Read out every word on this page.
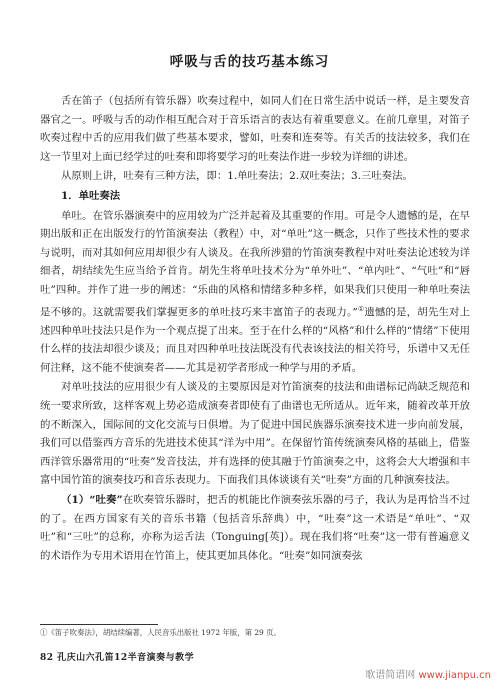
呼吸与舌的技巧基本练习

舌在笛子（包括所有管乐器）吹奏过程中，如同人们在日常生活中说话一样，是主要发音器官之一。呼吸与舌的动作相互配合对于音乐语言的表达有着重要意义。在前几章里，对笛子吹奏过程中舌的应用我们做了些基本要求，譬如，吐奏和连奏等。有关舌的技法较多，我们在这一节里对上面已经学过的吐奏和即将要学习的吐奏法作进一步较为详细的讲述。

从原则上讲，吐奏有三种方法，即：1.单吐奏法；2.双吐奏法；3.三吐奏法。

1．单吐奏法

单吐。在管乐器演奏中的应用较为广泛并起着及其重要的作用。可是令人遗憾的是，在早期出版和正在出版发行的竹笛演奏法（教程）中，对“单吐”这一概念，只作了些技术性的要求与说明，而对其如何应用却很少有人谈及。在我所涉猎的竹笛演奏教程中对吐奏法论述较为详细者，胡结续先生应当给予首肯。胡先生将单吐技术分为“单外吐”、“单内吐”、“气吐”和“唇吐”四种。并作了进一步的阐述：“乐曲的风格和情绪多种多样，如果我们只使用一种单吐奏法是不够的。这就需要我们掌握更多的单吐技巧来丰富笛子的表现力。”①遗憾的是，胡先生对上述四种单吐技法只是作为一个观点提了出来。至于在什么样的“风格”和什么样的“情绪”下使用什么样的技法却很少谈及；而且对四种单吐技法既没有代表该技法的相关符号，乐谱中又无任何注释，这不能不使演奏者——尤其是初学者形成一种学与用的矛盾。

对单吐技法的应用很少有人谈及的主要原因是对竹笛演奏的技法和曲谱标记尚缺乏规范和统一要求所致，这样客观上势必造成演奏者即使有了曲谱也无所适从。近年来，随着改革开放的不断深入，国际间的文化交流与日俱增。为了促进中国民族器乐演奏技术进一步向前发展，我们可以借鉴西方音乐的先进技术使其“洋为中用”。在保留竹笛传统演奏风格的基础上，借鉴西洋管乐器常用的“吐奏”发音技法，并有选择的使其融于竹笛演奏之中，这将会大大增强和丰富中国竹笛的演奏技巧和音乐表现力。下面我们具体谈谈有关“吐奏”方面的几种演奏技法。

（1）“吐奏”在吹奏管乐器时，把舌的机能比作演奏弦乐器的弓子，我认为是再恰当不过的了。在西方国家有关的音乐书籍（包括音乐辞典）中，“吐奏”这一术语是“单吐”、“双吐”和“三吐”的总称，亦称为运舌法（Tonguing[英]）。现在我们将“吐奏”这一带有普遍意义的术语作为专用术语用在竹笛上，使其更加具体化。“吐奏”如同演奏弦

①《笛子吹奏法》，胡结续编著，人民音乐出版社 1972 年版，第 29 页。
82 孔庆山六孔笛12半音演奏与教学
歌谱简谱网 www.jianpu.cn
